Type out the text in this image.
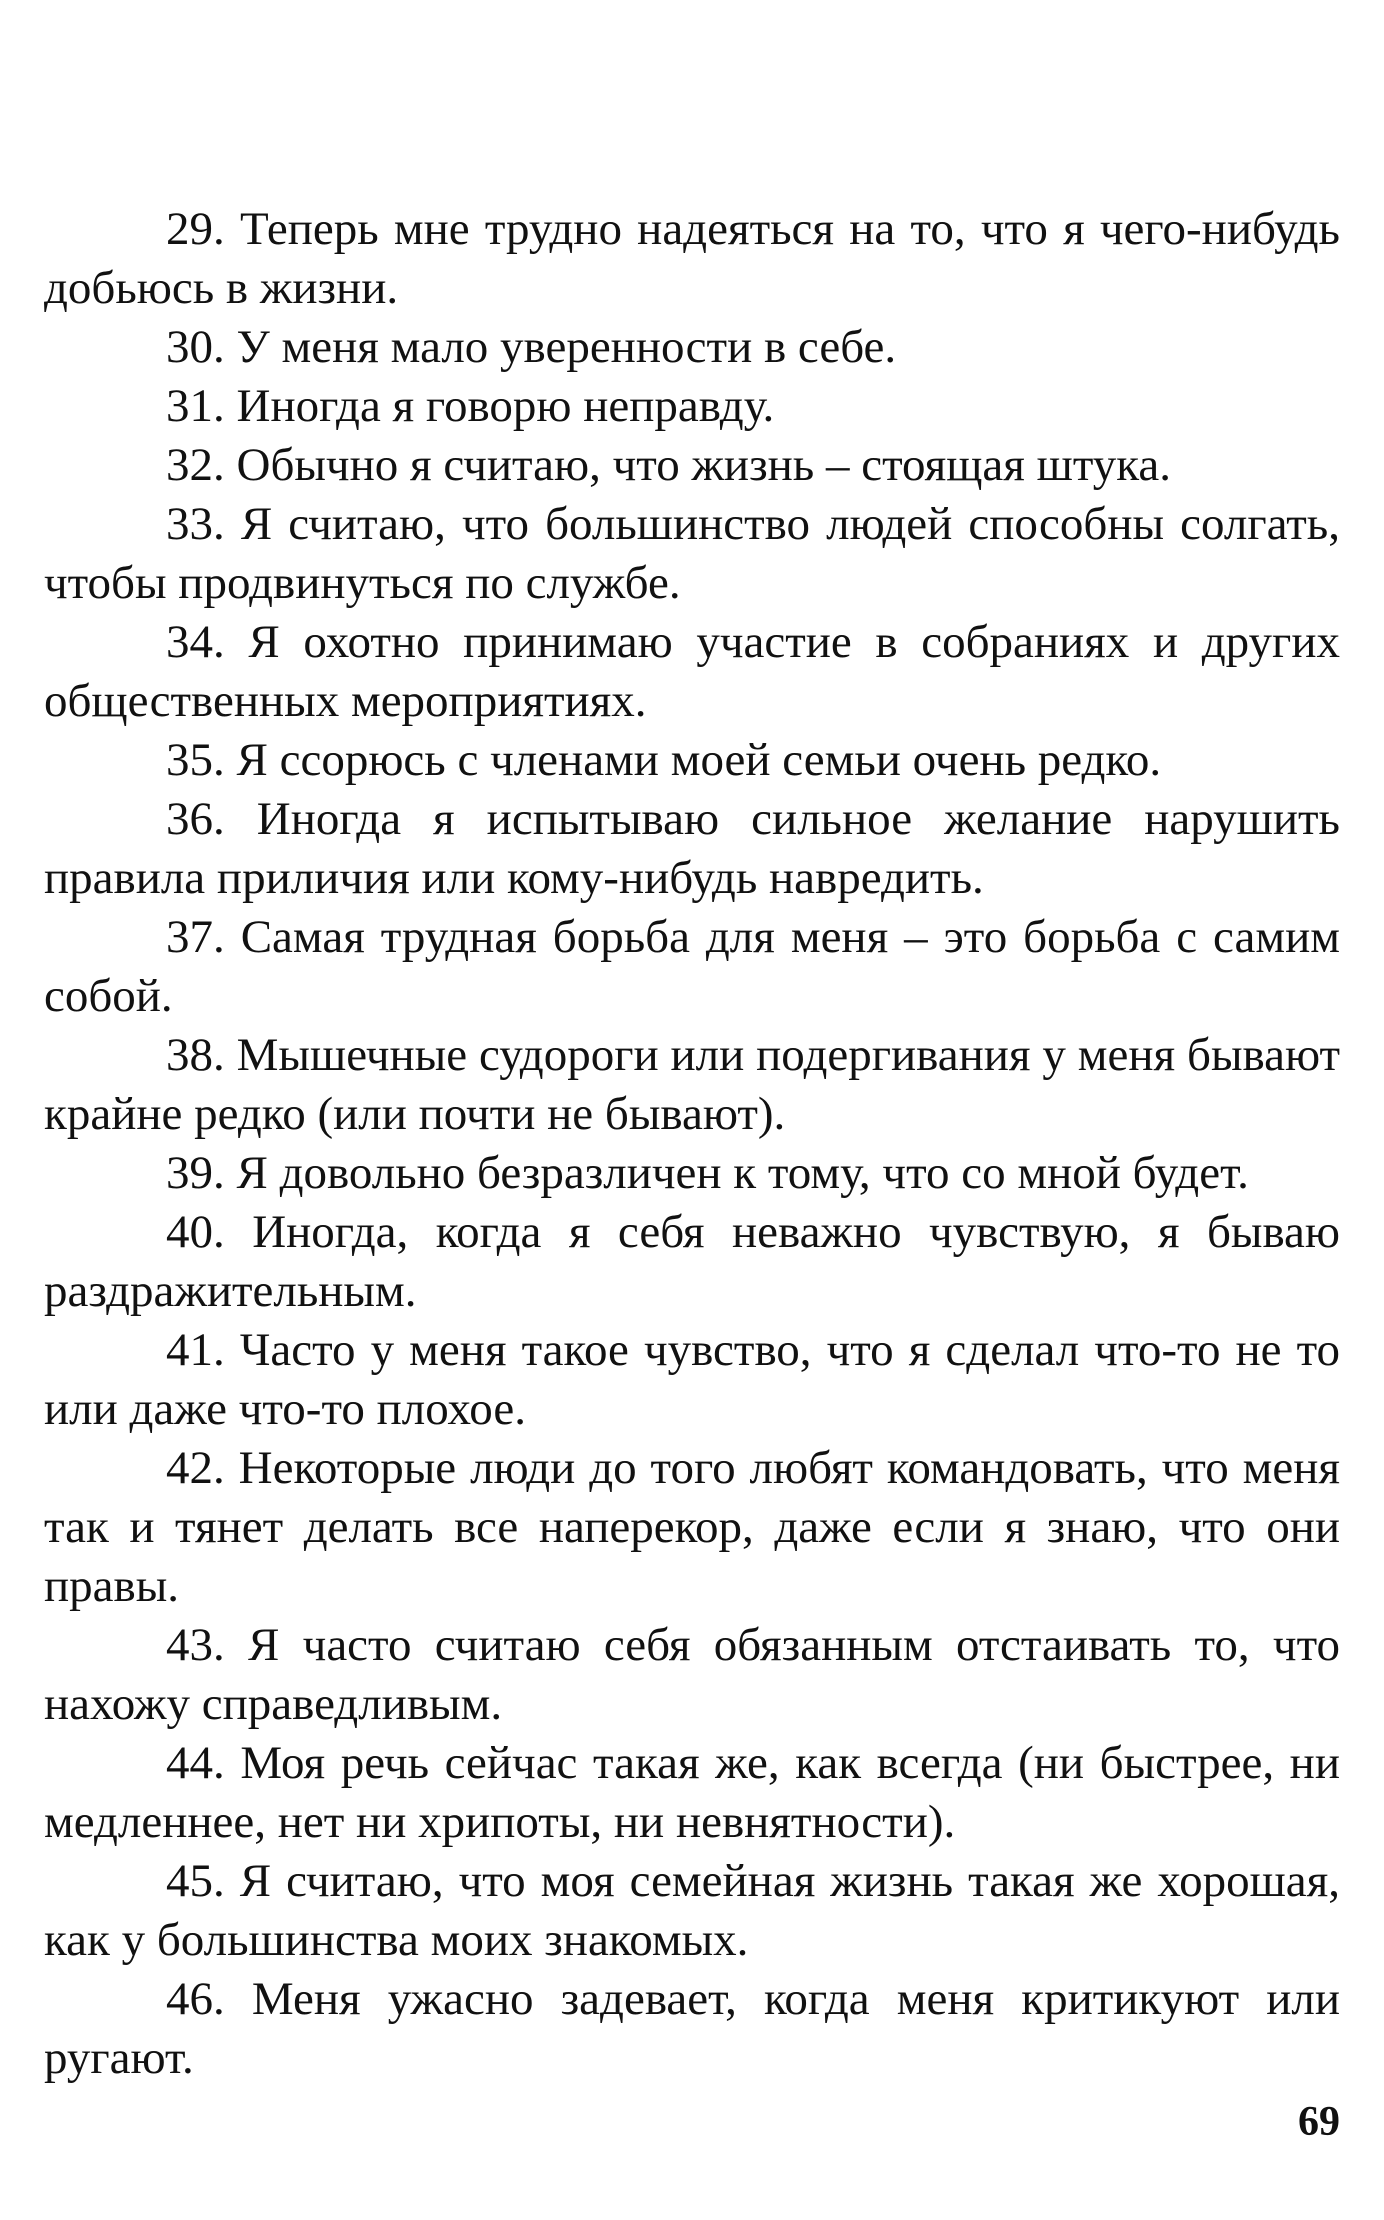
29. Теперь мне трудно надеяться на то, что я чего-нибудь добьюсь в жизни.

30. У меня мало уверенности в себе.

31. Иногда я говорю неправду.

32. Обычно я считаю, что жизнь – стоящая штука.

33. Я считаю, что большинство людей способны солгать, чтобы продвинуться по службе.

34. Я охотно принимаю участие в собраниях и других общественных мероприятиях.

35. Я ссорюсь с членами моей семьи очень редко.

36. Иногда я испытываю сильное желание нарушить правила приличия или кому-нибудь навредить.

37. Самая трудная борьба для меня – это борьба с самим собой.

38. Мышечные судороги или подергивания у меня бывают крайне редко (или почти не бывают).

39. Я довольно безразличен к тому, что со мной будет.

40. Иногда, когда я себя неважно чувствую, я бываю раздражительным.

41. Часто у меня такое чувство, что я сделал что-то не то или даже что-то плохое.

42. Некоторые люди до того любят командовать, что меня так и тянет делать все наперекор, даже если я знаю, что они правы.

43. Я часто считаю себя обязанным отстаивать то, что нахожу справедливым.

44. Моя речь сейчас такая же, как всегда (ни быстрее, ни медленнее, нет ни хрипоты, ни невнятности).

45. Я считаю, что моя семейная жизнь такая же хорошая, как у большинства моих знакомых.

46. Меня ужасно задевает, когда меня критикуют или ругают.

69
